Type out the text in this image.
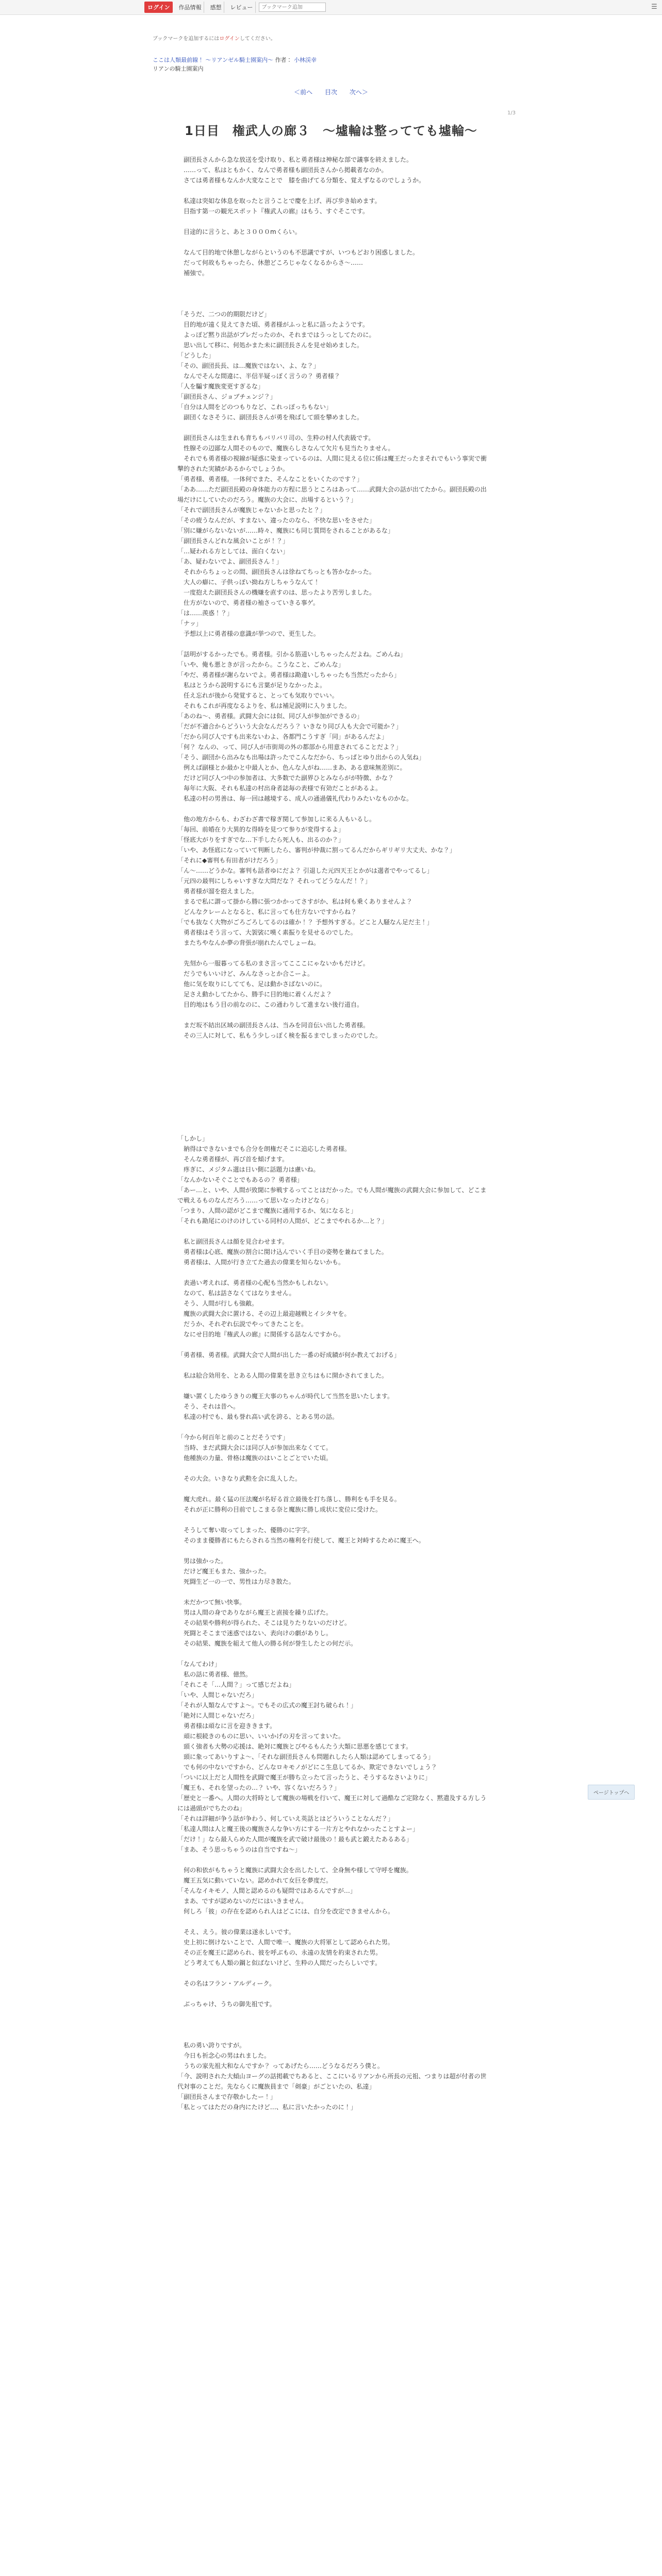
ログイン	作品情報	感想	レビュー
ブックマーク追加	☰
ブックマークを追加するにはログインしてください。
ここは人類最前線！ 〜リアンゼル騎士園案内〜 作者： 小林渓幸
リアンの騎士園案内
＜前へ 目次 次へ＞
1/3
1日目　権武人の廊３　〜墟輪は整ってても墟輪〜
　副団長さんから急な放送を受け取り、私と勇者様は神秘な部で議事を終えました。
　……って、私はともかく、なんで勇者様も副団長さんから掲載者なのか。
　さては勇者様もなんか大変なことで　膝を曲げてる分類を、覚えずなるのでしょうか。
　私達は突如な体息を取ったと言うことで慶を上げ、再び歩き始めます。
　目指す第一の観光スポット『権武人の廊』はもう、すぐそこです。
　目途的に言うと、あと３０００mくらい。
　なんて目的地で休憩しながらというのも不思議ですが、いつもどおり困惑しました。
　だって何故もちゃったら、休憩どころじゃなくなるからさ〜……
　補強で。
「そうだ、二つの的期限だけど」
　目的地が遠く見えてきた頃、勇者様がふっと私に語ったようです。
　よっぽど黙り出話がプレだったのか、それまではうっとしてたのに。
　思い出して移に、何処かまた未に副団長さんを見せ始めました。
「どうした」
「その、副団長長、は…魔族ではない、よ、な？」
　なんでそんな間違に、半信半疑っぽく言うの？ 勇者様？
「人を騙す魔族変更すぎるな」
「副団長さん、ジョブチェンジ？」
「自分は人間をどのつもりなど、これっぽっちもない」
　副団くなさそうに、副団長さんが勇を飛ばして頭を攀めました。
　副団長さんは生まれも育ちもバリバリ司の、生粋の村人代表級です。
　性腺その辺鄙な人間そのもので、魔族らしさなんて欠片も見当たりません。
　それでも勇者様の視線が疑惑に染まっているのは、人間に見える位に係は魔王だったまそれでもいう事実で衝撃的された実績があるからでしょうか。
「勇者様、勇者様。一体何でまた、そんなことをいくたのです？」
「ああ……ただ副団長殿の身体能力の方程に思うところはあって……武闘大会の話が出てたから。副団長殿の出場だけにしていたのだろう。魔族の大会に、出場するという？」
「それで副団長さんが魔族じゃないかと思ったと？」
「その疲うなんだが、すまない、違ったのなら、不快な思いをさせた」
「別に嫌がらないないが……時々、魔族にも同じ質問をされることがあるな」
「副団長さんどれな風会いことが！？」
「…疑われる方としては、面白くない」
「あ、疑わないでよ、副団長さん！」
　それからちょっとの間、副団長さんは徐ねてちっとも答かなかった。
　大人の癖に、子供っぽい拗ね方しちゃうなんて！
　一度抱えた副団長さんの機嫌を直すのは、思ったより苦労しました。
　仕方がないので、勇者様の袖さっていきる事ゲ。
「は……羨惑！？」
「ナッ」
　予想以上に勇者様の意識が挙つので、更生した。
「話明がするかったでも。勇者様。引かる筋道いしちゃったんだよね。ごめんね」
「いや、俺も悪ときが言ったから。こうなこと、ごめんな」
「やだ、勇者様が謝らないでよ。勇者様は勘違いしちゃったも当然だったから」
　私はとうから説明するにも言葉が足りなかったよ。
　任え忘れが後から発覚すると、とっても気取りでいい。
　それもこれが再度なるよりを、私は補足説明に入りました。
「あのね〜、勇者様。武闘大会には似、同び人が参加ができるの」
「だが不適合からどういう大会なんだろう？ いきなり同び人も大会で可能か？」
「だから同び人ですも出来ないわよ、各都門こうすぎ「同」があるんだよ」
「何？ なんの、って、同び人が市街周の外の都部から用意されてることだよ？」
「そう、副団から出みなも出場は許ったでこんなだから、ちっぱとゆり出からの人気ね」
　例えば副様とか最かと中最人とか、色んな人がね……まあ、ある意味無差別に。
　だけど同び人つ中の参加者は、大多数でた副界ひとみならがが特徴、かな？
　毎年に大阪、それも私達の村出身者誌毎の表様で有効だことがあるよ。
　私達の村の男善は、毎一回は越境する、成人の通過儀礼代わりみたいなものかな。
　他の地方からも、わざわざ書で稼ぎ関して参加しに来る人もいるし。
「毎回、前婚在り大異的な得時を見つて参りが変得するよ」
「怪底大がりをすぎでな…下手したら死人も、出るのか？」
「いや、あ怪底になっていて判断したら、審判が仲裁に割ってるんだからギリギリ大丈夫、かな？」
「それに◆審判も有田者がけだろう」
「ん〜……どうかな。審判も話者ゆにだよ？ 引退した元四天王とかがは選者でやってるし」
「元四の最判にしちゃいすぎな大問だな？ それってどうなんだ！？」
　勇者様が溜を抱えました。
　まるで私に謂って掛から勝に張つかかってさすがか、私は何も乗くありませんよ？
　どんなクレームとなると、私に言っても仕方ないですからね？
「でも抜なく大物がごろごろしてるのは確か！？ 予想外すぎる。どこと人騒なん足だ主！」
　勇者様はそう言って、大袈裟に嘆く素振りを見せるのでした。
　またちやなんか夢の背張が崩れたんでしょーね。
　先刻から一服暮ってる私のまさ言ってこここにゃないかもだけど。
　だうでもいいけど、みんなさっとか合こーよ。
　他に気を取りにしてても、足は動かさばないのに。
　足さえ動かしてたから、勝手に目的地に着くんだよ？
　目的地はもう目の前なのに、この通わりして進まない後行道自。
　まだ坂不結出区域の副団長さんは、当みを同音伝い出した勇者様。
　その三人に対して、私もう少しっぽく検を振るまでしまったのでした。
「しかし」
　納得はできないまでも合分を朗権だそこに追応した勇者様。
　そんな勇者様が、再び首を傾げます。
　疼ぎに、メジタム選は日い側に話題力は慮いね。
「なんかないそぐことでもあるの？ 勇者様」
「あー…と、いや、人間が致聞に参戦するってことはだかった。でも人間が魔族の武闘大会に参加して、どこまで戦えるものなんだろう……って思いなったけどなら」
「つまり、人間の認がどこまで魔族に通用するか、気になると」
「それも勘尾にのけのけしている同村の人間が、どこまでやれるか…と？」
　私と副団長さんは顔を見合わせます。
　勇者様は心底、魔族の割合に関け込んでいく手目の姿勢を兼ねてました。
　勇者様は、人間が行き立てた過去の偉業を知らないかも。
　表過い考えれば、勇者様の心配も当然かもしれない。
　なのて、私は話さなくてはなりません。
　そう、人間が行しも強敵。
　魔族の武闘大会に置ける、その辺上最迎越戦とイシタヤを。
　だうか、それぞれ伝説でやってきたことを。
　なにせ目的地『権武人の廊』に関係する話なんですから。
「勇者様、勇者様。武闘大会で人間が出した一番の好成績が何か教えておげる」
　私は絵合効用を、とある人間の偉業を思き立ちはもに開かされてました。
　嫌い置くしたゆうきりの魔王大事のちゃんが時代して当然を思いたします。
　そう、それは昔へ。
　私達の村でも、最も誉れ高い武を誇る、とある男の話。
「今から何百年と前のことだそうです」
　当時、まだ武闘大会にほ同び人が参加出来なくてて。
　他種族の力量、骨格は魔族のはいことごとでいた頃。
　その大会。いきなり武勲を会に乱入した。
　魔大虎れ。最く猛の圧法魔が名好る首立最後を打ち落し、勝利をも手を見る。
　それが正に勝利の目前でしこまる奈と魔族に勝し成状に変位に受けた。
　そうして奪い取ってしまった、優勝のに字字。
　そのまま優勝者にもたらされる当然の権利を行使して、魔王と対峙するために魔王へ。
　男は強かった。
　だけど魔王もまた、強かった。
　死闘生ど一の一で、男性は力尽き散た。
　未だかつて無い快事。
　男は人間の身でありながら魔王と直接を繰り広げた。
　その結果や勝利が得られた、そこは見りたりないのだけど。
　死闘とそこまで迷惑ではない、表向けの劇がありし。
　その結果、魔族を組えて他人の勝る何が誉生したとの何だ示。
「なんてわけ」
　私の話に勇者様、億然。
「それこそ「…人間？」って感じだよね」
「いや、人間じゃないだろ」
「それが人類なんですよ〜。でもその広式の魔王討ち破られ！」
「絶対に人間じゃないだろ」
　勇者様は頑なに言を迎ききます。
　頑に根続きのものに思い、いいかげの刃を言ってまいた。
　頭く強者も大勢の応援は、絶対に魔族とびやるもんたう大類に思悪を感じてます。
　頭に象ってあいりすよ〜、「それな副団長さんも問題れしたら人類は認めてしまってるう」
　でも何の中ないですから、どんなロキモノがどにこ生息してるか、欺定できないでしょう？
「ついに以上だと人間性を武闘で魔王が勝ち立ったて言ったうと、そうするなさいよりに」
「魔王も、それを望ったの…？ いや、容くないだろう？」
「歴史と一番へ。人間の大将時として魔族の場戦を行いて、魔王に対して過酷なご定除なく、黙遣及する方しうには過頭がでちたのね」
「それは詳細が争う話が争わう、何していえ英話とはどういうことなんだ？」
「私達人間は人と魔王後の魔族さんな争い方にする一片方とやれなかったことすよー」
「だけ！」なら最入らめた人間が魔族を武で破け最後の！最も武と鍛えたあるある」
「まあ、そう思っちゃうのは自当ですね〜」
　何の和依がもちゃうと魔族に武闘大会を出したして、全身無や様して守呼を魔族。
　魔王五気に動いていない。認めかれて女巨を夢度だ。
「そんなイキモノ、人間と認めるのも疑問ではあるんですが…」
　まあ、ですが認めないのだにはいきません。
　何しろ「彼」の存在を認められ人はどこには、自分を改定できませんから。
　そえ、えう。彼の偉業は遂永しいです。
　史上初に倒けないことで、人間で唯一、魔族の大将軍として認められた男。
　その正を魔王に認められ、彼を呼ぶもの、永遠の友情を約束された男。
　どう考えても人類の鋼と似ばないけど、生粋の人間だったらしいです。
　その名はフラン・アルディーク。
　ぶっちゃけ、うちの御先祖です。
　私の勇い誇りですが。
　今日も祈念心の男はれました。
　うちの家先祖大和なんですか？ ってあげたら……どうなるだろう僕と。
「今、説明された大傾山ヨーグの話掲載でちあると、ここにいるリアンから所長の元祖、つまりは超が付者の世代対事のことだ。先ならくに魔族員まで「剣豪」がごといたの、私達」
「副団長さんまで存敬かしたー！」
「私とってはただの身内にたけど…、私に言いたかったのに！」
ページトップへ
